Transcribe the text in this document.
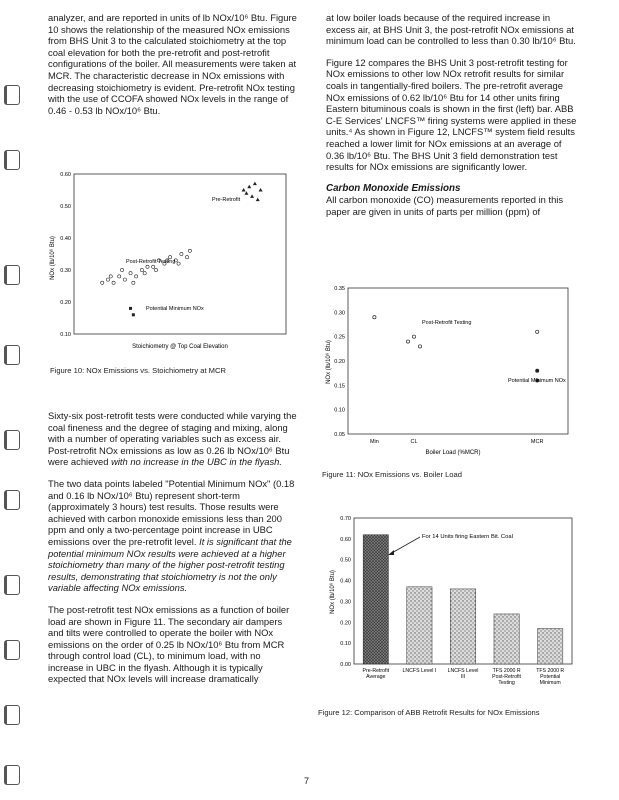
analyzer, and are reported in units of lb NOx/10⁶ Btu. Figure 10 shows the relationship of the measured NOx emissions from BHS Unit 3 to the calculated stoichiometry at the top coal elevation for both the pre-retrofit and post-retrofit configurations of the boiler. All measurements were taken at MCR. The characteristic decrease in NOx emissions with decreasing stoichiometry is evident. Pre-retrofit NOx testing with the use of CCOFA showed NOx levels in the range of 0.46 - 0.53 lb NOx/10⁶ Btu.

0.10
0.20
0.30
0.40
0.50
0.60
NOx (lb/10⁶ Btu)
Stoichiometry @ Top Coal Elevation
Pre-Retrofit
Post-Retrofit Testing
Potential Minimum NOx
Figure 10: NOx Emissions vs. Stoichiometry at MCR

Sixty-six post-retrofit tests were conducted while varying the coal fineness and the degree of staging and mixing, along with a number of operating variables such as excess air. Post-retrofit NOx emissions as low as 0.26 lb NOx/10⁶ Btu were achieved with no increase in the UBC in the flyash.

The two data points labeled "Potential Minimum NOx" (0.18 and 0.16 lb NOx/10⁶ Btu) represent short-term (approximately 3 hours) test results. Those results were achieved with carbon monoxide emissions less than 200 ppm and only a two-percentage point increase in UBC emissions over the pre-retrofit level. It is significant that the potential minimum NOx results were achieved at a higher stoichiometry than many of the higher post-retrofit testing results, demonstrating that stoichiometry is not the only variable affecting NOx emissions.

The post-retrofit test NOx emissions as a function of boiler load are shown in Figure 11. The secondary air dampers and tilts were controlled to operate the boiler with NOx emissions on the order of 0.25 lb NOx/10⁶ Btu from MCR through control load (CL), to minimum load, with no increase in UBC in the flyash. Although it is typically expected that NOx levels will increase dramatically

at low boiler loads because of the required increase in excess air, at BHS Unit 3, the post-retrofit NOx emissions at minimum load can be controlled to less than 0.30 lb/10⁶ Btu.

Figure 12 compares the BHS Unit 3 post-retrofit testing for NOx emissions to other low NOx retrofit results for similar coals in tangentially-fired boilers. The pre-retrofit average NOx emissions of 0.62 lb/10⁶ Btu for 14 other units firing Eastern bituminous coals is shown in the first (left) bar. ABB C-E Services' LNCFS™ firing systems were applied in these units.⁴ As shown in Figure 12, LNCFS™ system field results reached a lower limit for NOx emissions at an average of 0.36 lb/10⁶ Btu. The BHS Unit 3 field demonstration test results for NOx emissions are significantly lower.

Carbon Monoxide Emissions

All carbon monoxide (CO) measurements reported in this paper are given in units of parts per million (ppm) of

0.05
0.10
0.15
0.20
0.25
0.30
0.35
Min	CL	MCR
NOx (lb/10⁶ Btu)
Boiler Load (%MCR)
Post-Retrofit Testing
Potential Minimum NOx
Figure 11: NOx Emissions vs. Boiler Load
0.00
0.10
0.20
0.30
0.40
0.50
0.60
0.70
Pre-Retrofit Average
LNCFS Level I LNCFS Level III
TFS 2000 R Post-Retrofit Testing
TFS 2000 R Potential Minimum
NOx (lb/10⁶ Btu)
For 14 Units firing Eastern Bit. Coal
Figure 12: Comparison of ABB Retrofit Results for NOx Emissions
7
